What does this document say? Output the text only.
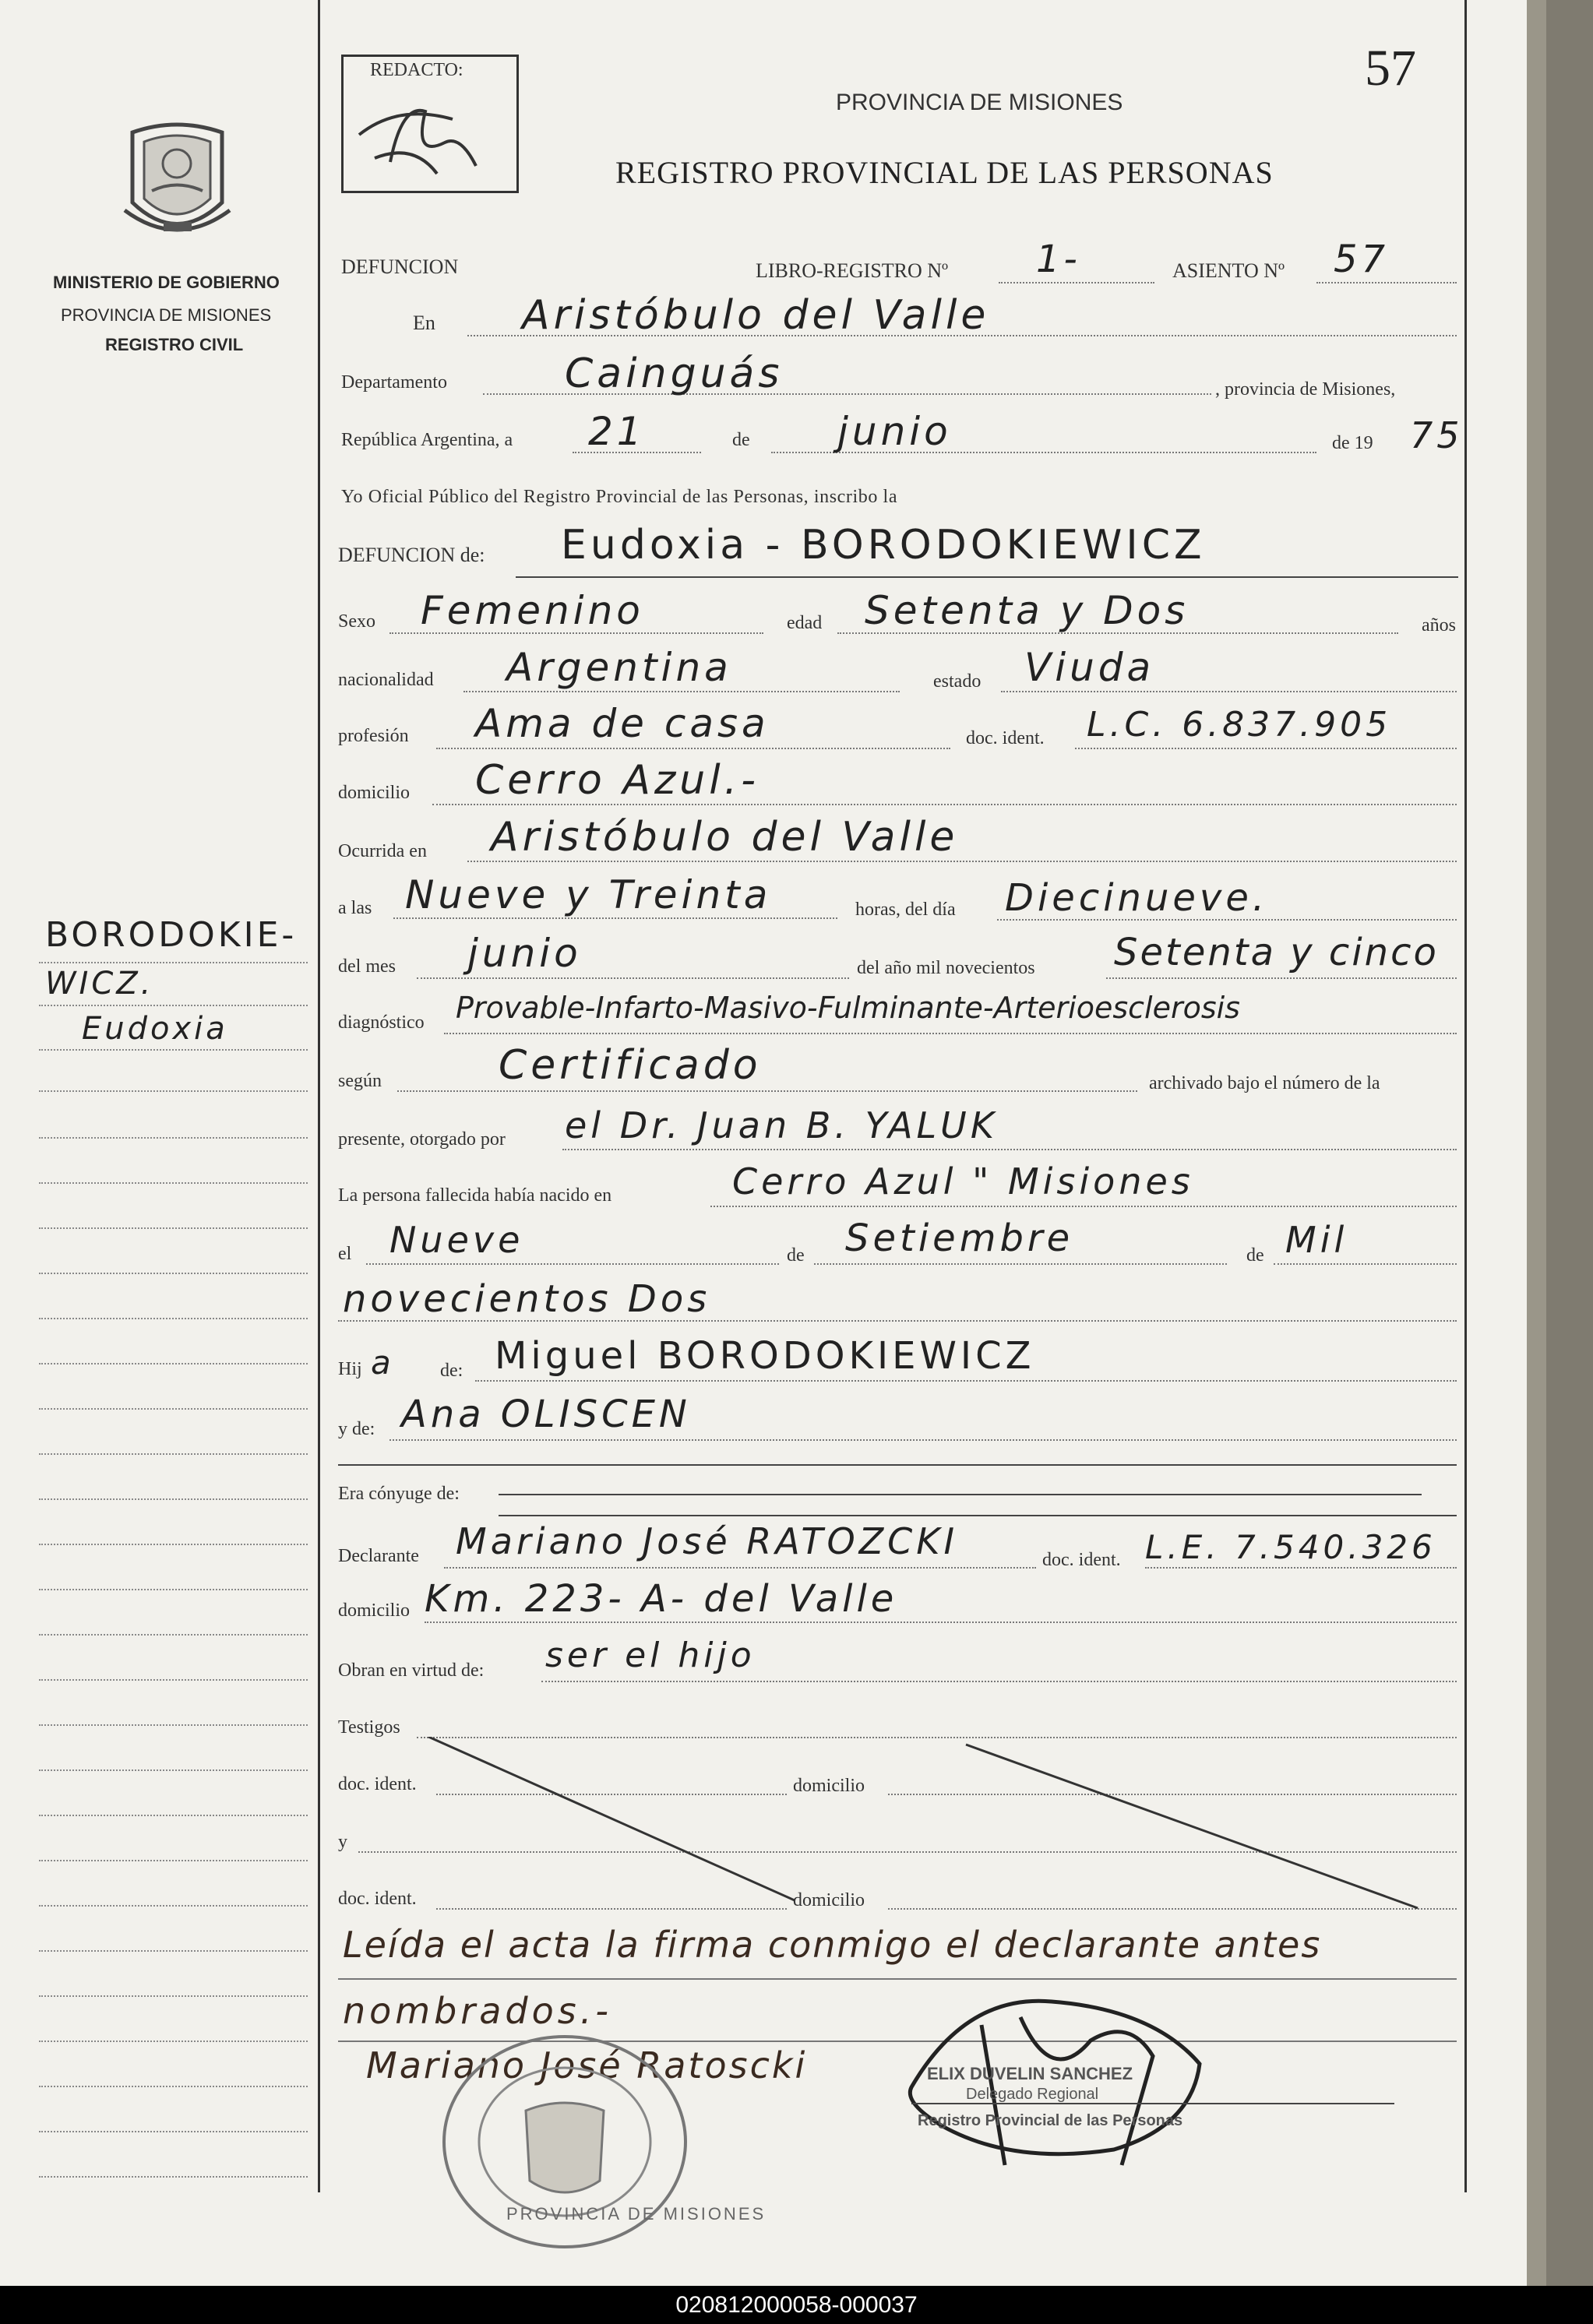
MINISTERIO DE GOBIERNO
PROVINCIA DE MISIONES
REGISTRO CIVIL
BORODOKIE-
WICZ.
Eudoxia
REDACTO:	57
PROVINCIA DE MISIONES
REGISTRO PROVINCIAL DE LAS PERSONAS
DEFUNCION	LIBRO-REGISTRO Nº 1-	ASIENTO Nº 57
En Aristóbulo del Valle
Departamento	Cainguás	, provincia de Misiones,
República Argentina, a 21	de junio	de 19 75
Yo Oficial Público del Registro Provincial de las Personas, inscribo la
DEFUNCION de: Eudoxia - BORODOKIEWICZ
Sexo Femenino	edad Setenta y Dos	años
nacionalidad Argentina	estado Viuda
profesión Ama de casa	doc. ident. L.C. 6.837.905
domicilio Cerro Azul.-
Ocurrida en Aristóbulo del Valle
a las Nueve y Treinta	horas, del día Diecinueve.
del mes junio	del año mil novecientos Setenta y cinco
diagnóstico Provable-Infarto-Masivo-Fulminante-Arterioesclerosis
según	Certificado	archivado bajo el número de la
presente, otorgado por el Dr. Juan B. YALUK
La persona fallecida había nacido en	Cerro Azul " Misiones
el Nueve	de Setiembre	de Mil
novecientos Dos
Hij a	de: Miguel BORODOKIEWICZ
y de: Ana OLISCEN
Era cónyuge de:
Declarante Mariano José RATOZCKI	doc. ident. L.E. 7.540.326
domicilio Km. 223- A- del Valle
Obran en virtud de: ser el hijo
Testigos
doc. ident.	domicilio
y
doc. ident.	domicilio
Leída el acta la firma conmigo el declarante antes
nombrados.-
Mariano José Ratoscki
PROVINCIA DE MISIONES
ELIX DUVELIN SANCHEZ
Delegado Regional
Registro Provincial de las Personas
020812000058-000037
